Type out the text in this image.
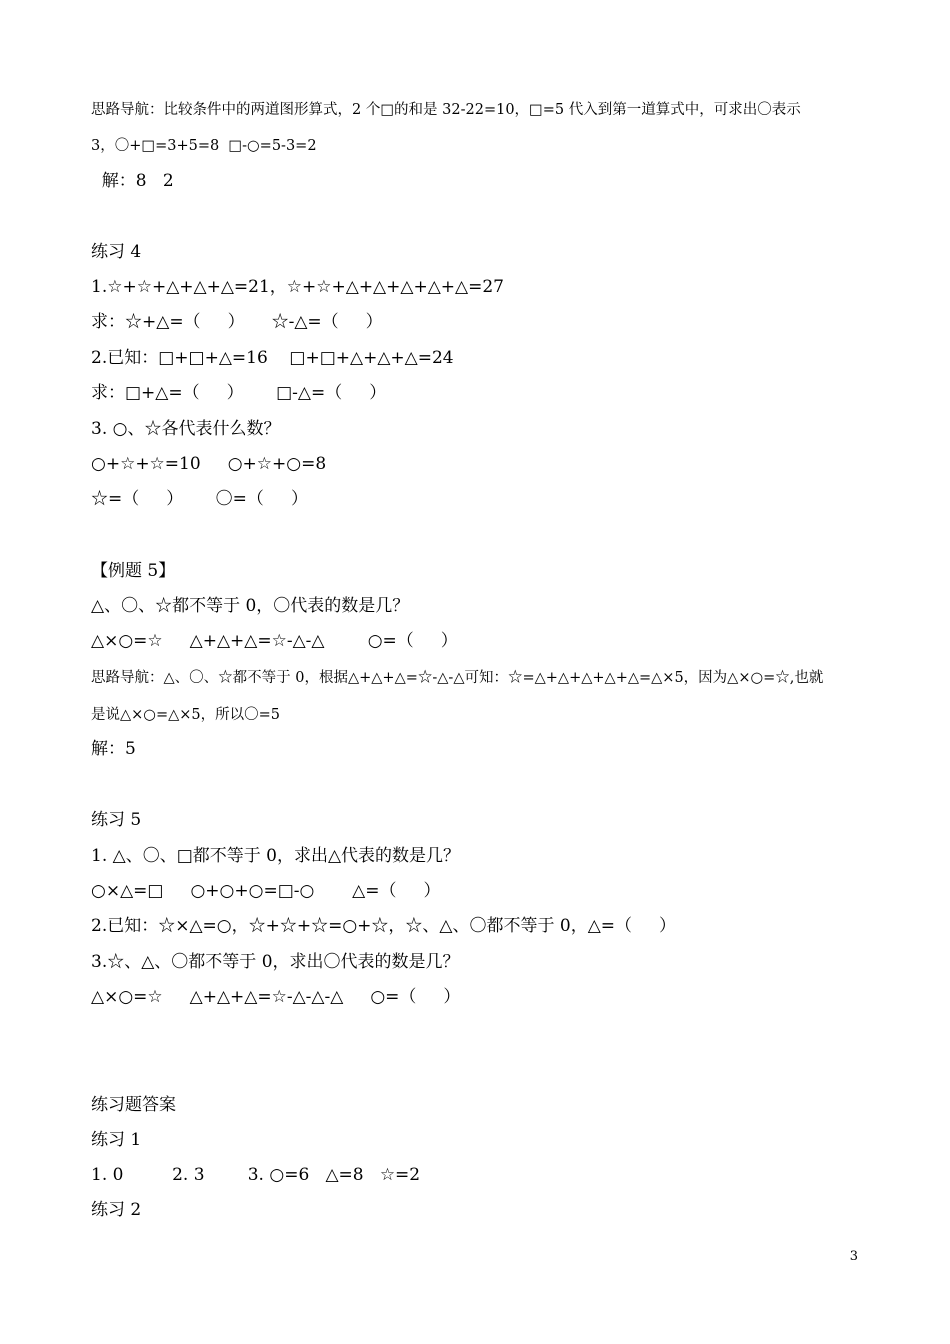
思路导航：比较条件中的两道图形算式，2 个□的和是 32-22=10，□=5 代入到第一道算式中，可求出〇表示
3，〇+□=3+5=8  □-○=5-3=2
解：8   2
练习 4
1.☆+☆+△+△+△=21，☆+☆+△+△+△+△+△=27
求：☆+△=（     ）     ☆-△=（     ）
2.已知：□+□+△=16    □+□+△+△+△=24
求：□+△=（     ）      □-△=（     ）
3. ○、☆各代表什么数？
○+☆+☆=10     ○+☆+○=8
☆=（     ）      〇=（     ）
【例题 5】
△、〇、☆都不等于 0，〇代表的数是几？
△×○=☆     △+△+△=☆-△-△        ○=（     ）
思路导航：△、〇、☆都不等于 0，根据△+△+△=☆-△-△可知：☆=△+△+△+△+△=△×5，因为△×○=☆,也就
是说△×○=△×5，所以〇=5
解：5
练习 5
1. △、〇、□都不等于 0，求出△代表的数是几？
○×△=□     ○+○+○=□-○       △=（     ）
2.已知：☆×△=○，☆+☆+☆=○+☆，☆、△、〇都不等于 0，△=（     ）
3.☆、△、〇都不等于 0，求出〇代表的数是几？
△×○=☆     △+△+△=☆-△-△-△     ○=（     ）
练习题答案
练习 1
1. 0         2. 3        3. ○=6   △=8   ☆=2
练习 2
3
